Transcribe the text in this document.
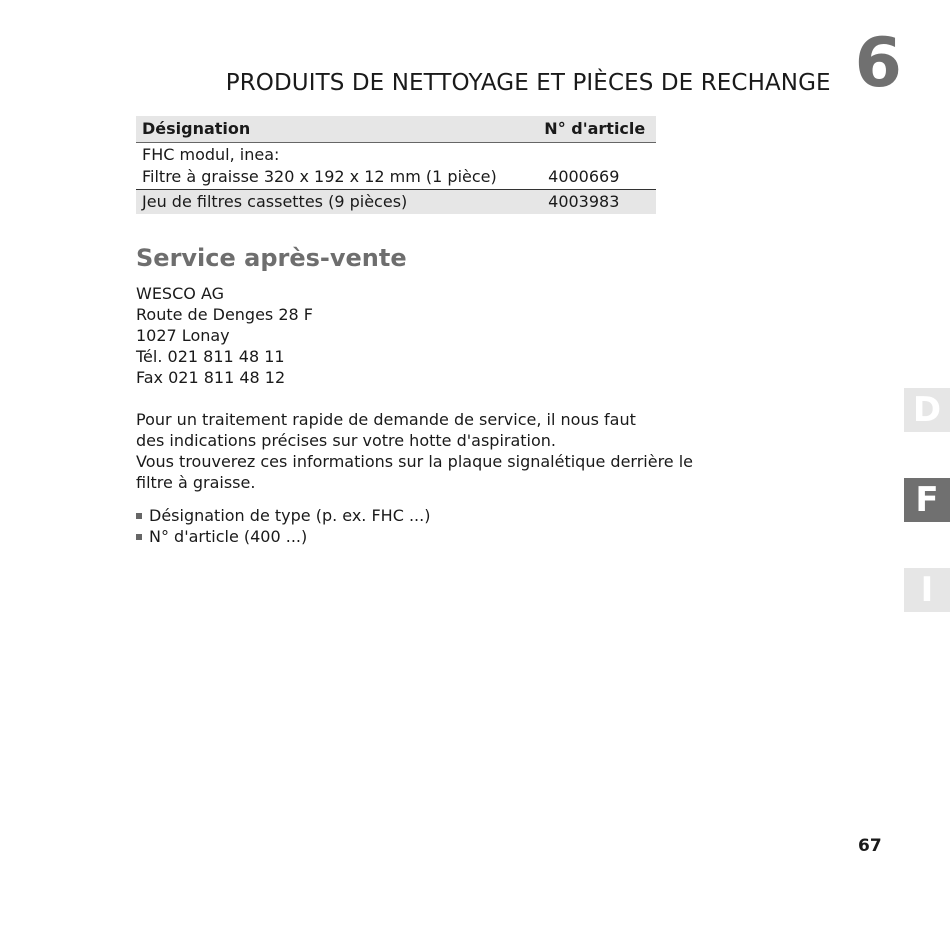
PRODUITS DE NETTOYAGE ET PIÈCES DE RECHANGE 6
Désignation	N° d'article

FHC modul, inea:
Filtre à graisse 320 x 192 x 12 mm (1 pièce)	4000669
Jeu de filtres cassettes (9 pièces)	4003983
Service après-vente
WESCO AG
Route de Denges 28 F
1027 Lonay
Tél. 021 811 48 11
Fax 021 811 48 12
Pour un traitement rapide de demande de service, il nous faut
des indications précises sur votre hotte d'aspiration.
Vous trouverez ces informations sur la plaque signalétique derrière le
filtre à graisse.
Désignation de type (p. ex. FHC ...)
N° d'article (400 ...)
D
F
I
67
